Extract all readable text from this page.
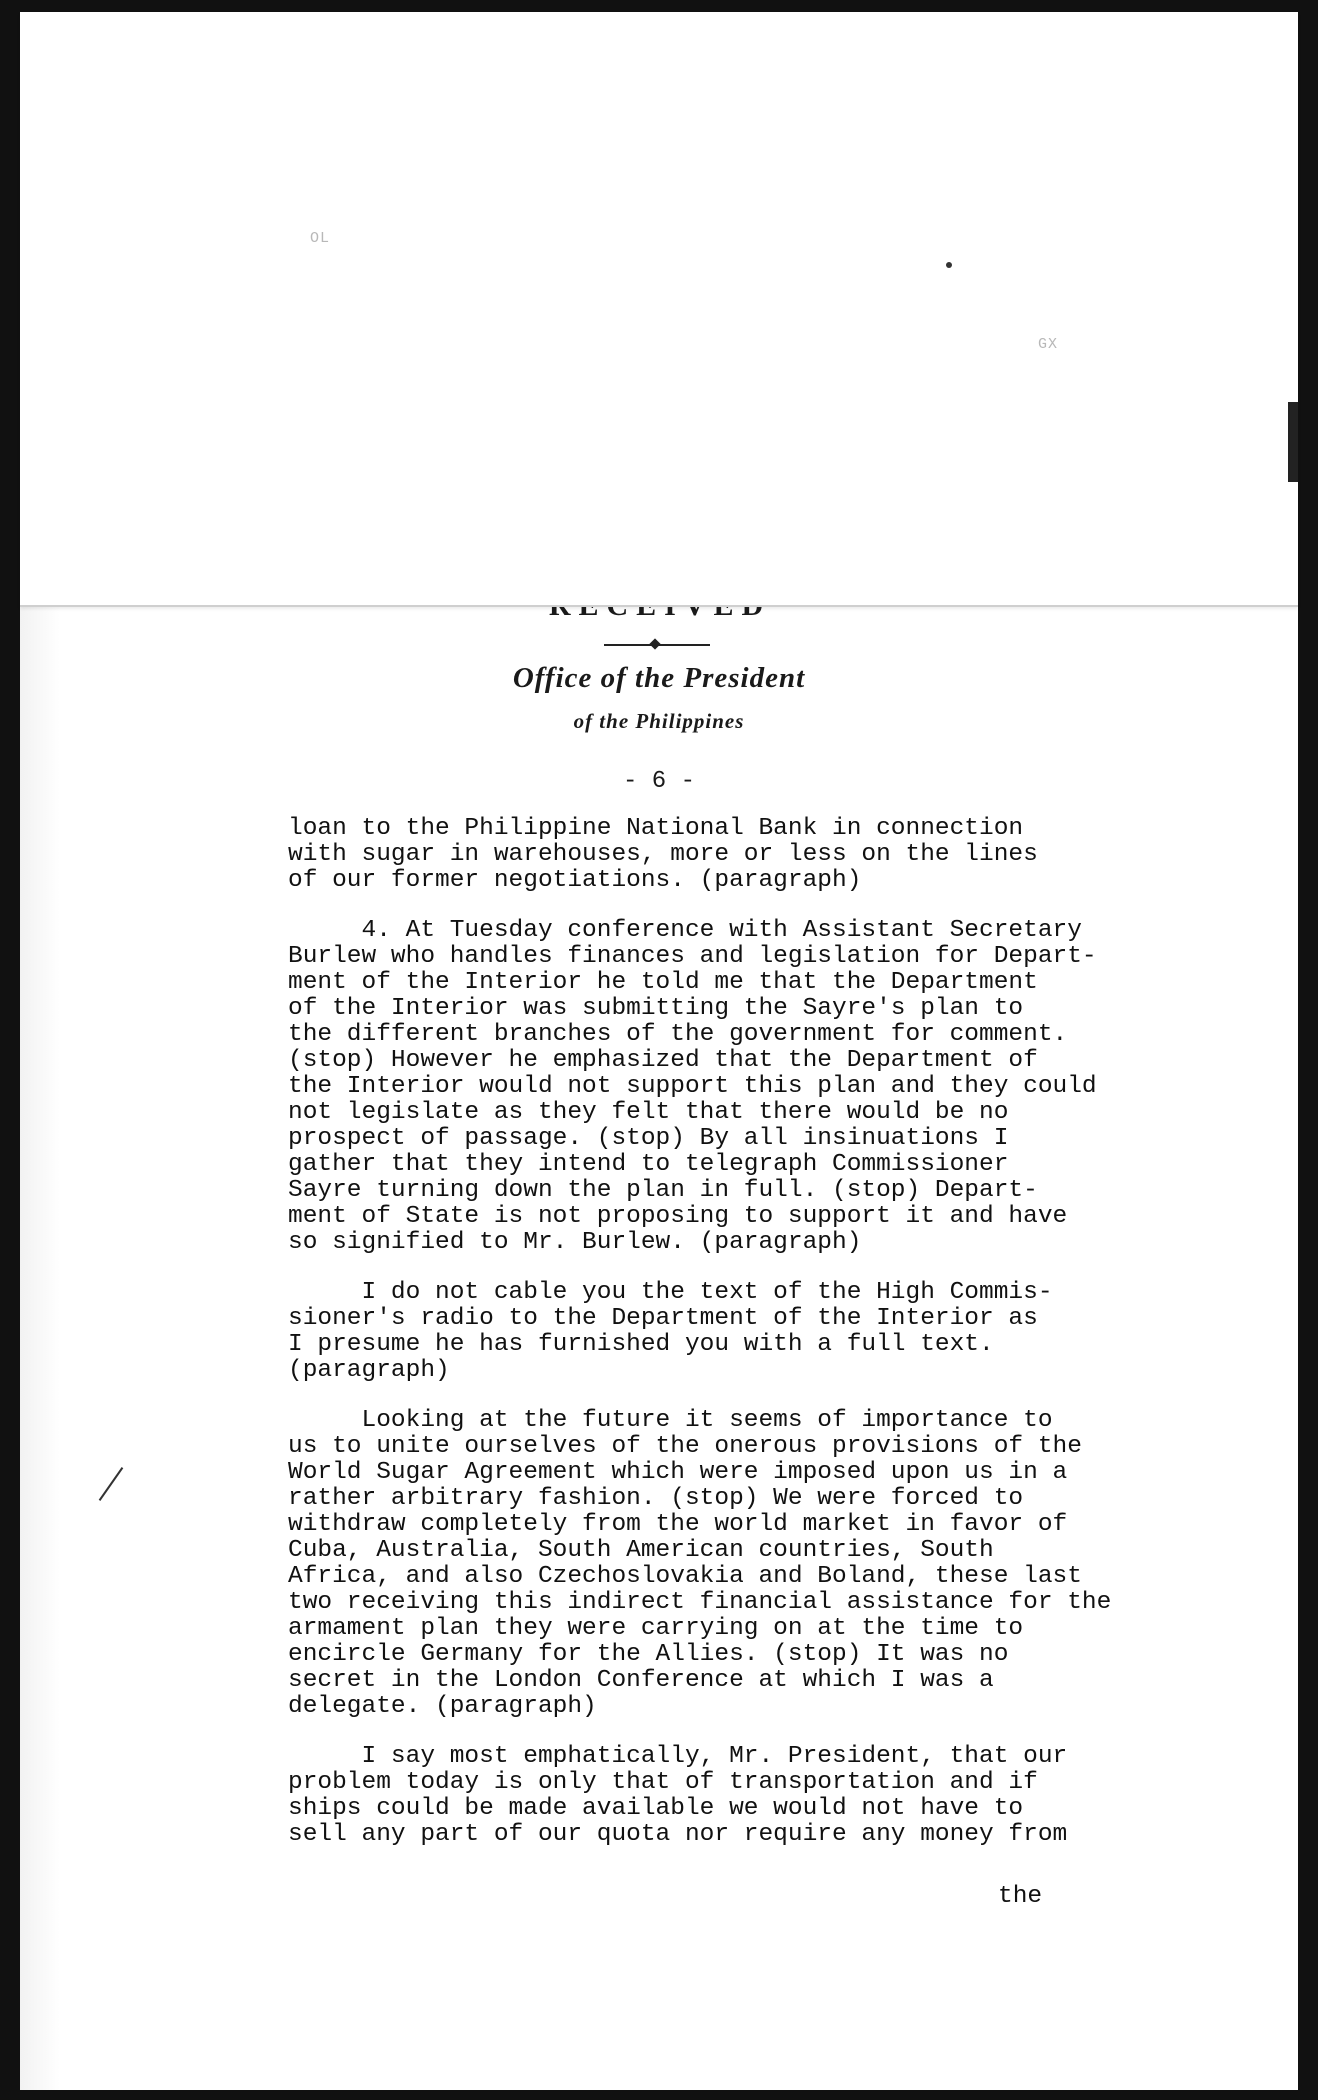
OL
GX
Office of the President
of the Philippines
- 6 -

loan to the Philippine National Bank in connection
with sugar in warehouses, more or less on the lines
of our former negotiations. (paragraph)

4. At Tuesday conference with Assistant Secretary
Burlew who handles finances and legislation for Depart-
ment of the Interior he told me that the Department
of the Interior was submitting the Sayre's plan to
the different branches of the government for comment.
(stop) However he emphasized that the Department of
the Interior would not support this plan and they could
not legislate as they felt that there would be no
prospect of passage. (stop) By all insinuations I
gather that they intend to telegraph Commissioner
Sayre turning down the plan in full. (stop) Depart-
ment of State is not proposing to support it and have
so signified to Mr. Burlew. (paragraph)

I do not cable you the text of the High Commis-
sioner's radio to the Department of the Interior as
I presume he has furnished you with a full text.
(paragraph)

Looking at the future it seems of importance to
us to unite ourselves of the onerous provisions of the
World Sugar Agreement which were imposed upon us in a
rather arbitrary fashion. (stop) We were forced to
withdraw completely from the world market in favor of
Cuba, Australia, South American countries, South
Africa, and also Czechoslovakia and Boland, these last
two receiving this indirect financial assistance for the
armament plan they were carrying on at the time to
encircle Germany for the Allies. (stop) It was no
secret in the London Conference at which I was a
delegate. (paragraph)

I say most emphatically, Mr. President, that our
problem today is only that of transportation and if
ships could be made available we would not have to
sell any part of our quota nor require any money from

the
